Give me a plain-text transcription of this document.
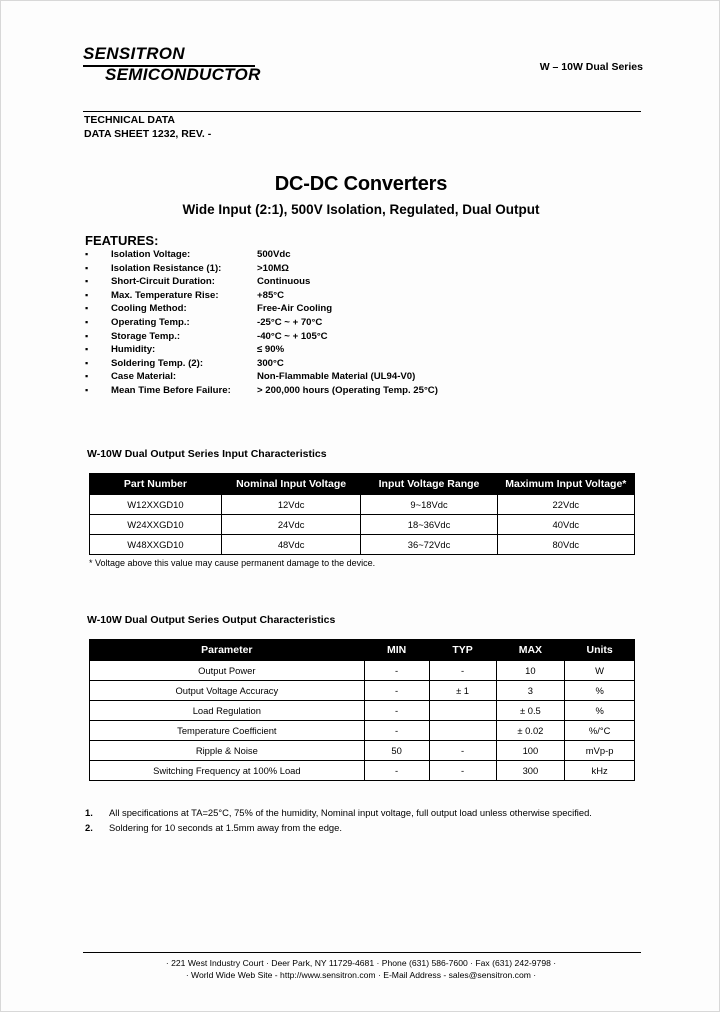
SENSITRON
SEMICONDUCTOR	W – 10W Dual Series
TECHNICAL DATA
DATA SHEET 1232, REV. -
DC-DC Converters
Wide Input (2:1), 500V Isolation, Regulated, Dual Output
FEATURES:
▪	Isolation Voltage:	500Vdc
▪	Isolation Resistance (1):	>10MΩ
▪	Short-Circuit Duration:	Continuous
▪	Max. Temperature Rise:	+85°C
▪	Cooling Method:	Free-Air Cooling
▪	Operating Temp.:	-25°C ~ + 70°C
▪	Storage Temp.:	-40°C ~ + 105°C
▪	Humidity:	≤ 90%
▪	Soldering Temp. (2):	300°C
▪	Case Material:	Non-Flammable Material (UL94-V0)
▪	Mean Time Before Failure:	> 200,000 hours (Operating Temp. 25°C)
W-10W Dual Output Series Input Characteristics
Part Number	Nominal Input Voltage	Input Voltage Range	Maximum Input Voltage*
W12XXGD10	12Vdc	9~18Vdc	22Vdc
W24XXGD10	24Vdc	18~36Vdc	40Vdc
W48XXGD10	48Vdc	36~72Vdc	80Vdc
* Voltage above this value may cause permanent damage to the device.
W-10W Dual Output Series Output Characteristics
Parameter	MIN	TYP	MAX	Units
Output Power	-	-	10	W
Output Voltage Accuracy	-	± 1	3	%
Load Regulation	-		± 0.5	%
Temperature Coefficient	-		± 0.02	%/°C
Ripple & Noise	50	-	100	mVp-p
Switching Frequency at 100% Load	-	-	300	kHz
1.	All specifications at TA=25°C, 75% of the humidity, Nominal input voltage, full output load unless otherwise specified.
2.	Soldering for 10 seconds at 1.5mm away from the edge.
· 221 West Industry Court · Deer Park, NY 11729-4681 · Phone (631) 586-7600 · Fax (631) 242-9798 ·
· World Wide Web Site - http://www.sensitron.com · E-Mail Address - sales@sensitron.com ·
